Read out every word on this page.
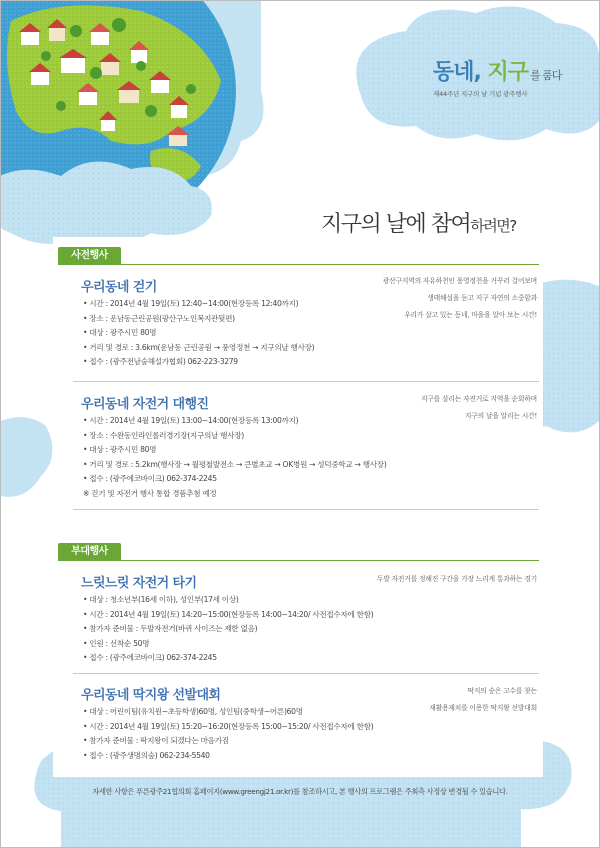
동네, 지구 를 품다
제44주년 지구의 날 기념 광주행사
지구의 날에 참여하려면?
사전행사
우리동네 걷기
• 시간 : 2014년 4월 19일(토) 12:40~14:00(현장등록 12:40까지)
• 장소 : 운남동근린공원(광산구노인복지관뒷편)
• 대상 : 광주시민 80명
• 거리 및 경로 : 3.6km(운남동 근린공원 → 풍영정천 → 지구의날 행사장)
• 접수 : (광주전남숲해설가협회) 062-223-3279
광산구지역의 자유하천인 풍영정천을 거꾸러 걸어보며
생태해설을 듣고 지구 자연의 소중함과
우리가 살고 있는 동네, 마을을 알아 보는 시간!
우리동네 자전거 대행진
• 시간 : 2014년 4월 19일(토) 13:00~14:00(현장등록 13:00까지)
• 장소 : 수완동인라인롤러경기장(지구의날 행사장)
• 대상 : 광주시민 80명
• 거리 및 경로 : 5.2km(행사장 → 월평철발전소 → 큰별초교 → OK병원 → 성덕중학교 → 행사장)
• 접수 : (광주에코바이크) 062-374-2245
※ 걷기 및 자전거 행사 통합 경품추첨 예정
지구를 살리는 자전거로 지역을 순회하며
지구의 날을 알리는 시간!
부대행사
느릿느릿 자전거 타기
• 대상 : 청소년부(16세 이하), 성인부(17세 이상)
• 시간 : 2014년 4월 19일(토) 14:20~15:00(현장등록 14:00~14:20/ 사전접수자에 한함)
• 참가자 준비물 : 두발자전거(바퀴 사이즈는 제한 없음)
• 인원 : 선착순 50명
• 접수 : (광주에코바이크) 062-374-2245
두발 자전거를 정해진 구간을 가장 느리게 통과하는 경기
우리동네 딱지왕 선발대회
• 대상 : 어린이팀(유치원~초등학생)60명, 성인팀(중학생~어른)60명
• 시간 : 2014년 4월 19일(토) 15:20~16:20(현장등록 15:00~15:20/ 사전접수자에 한함)
• 참가자 준비물 : 딱지왕이 되겠다는 마음가짐
• 접수 : (광주생명의숲) 062-234-5540
딱지의 승은 고수를 찾는
재활용재치를 이용한 딱지왕 선발대회
자세한 사항은 푸른광주21협의회 홈페이지(www.greengj21.or.kr)를 참조하시고, 본 행사의 프로그램은 주최측 사정상 변경될 수 있습니다.
